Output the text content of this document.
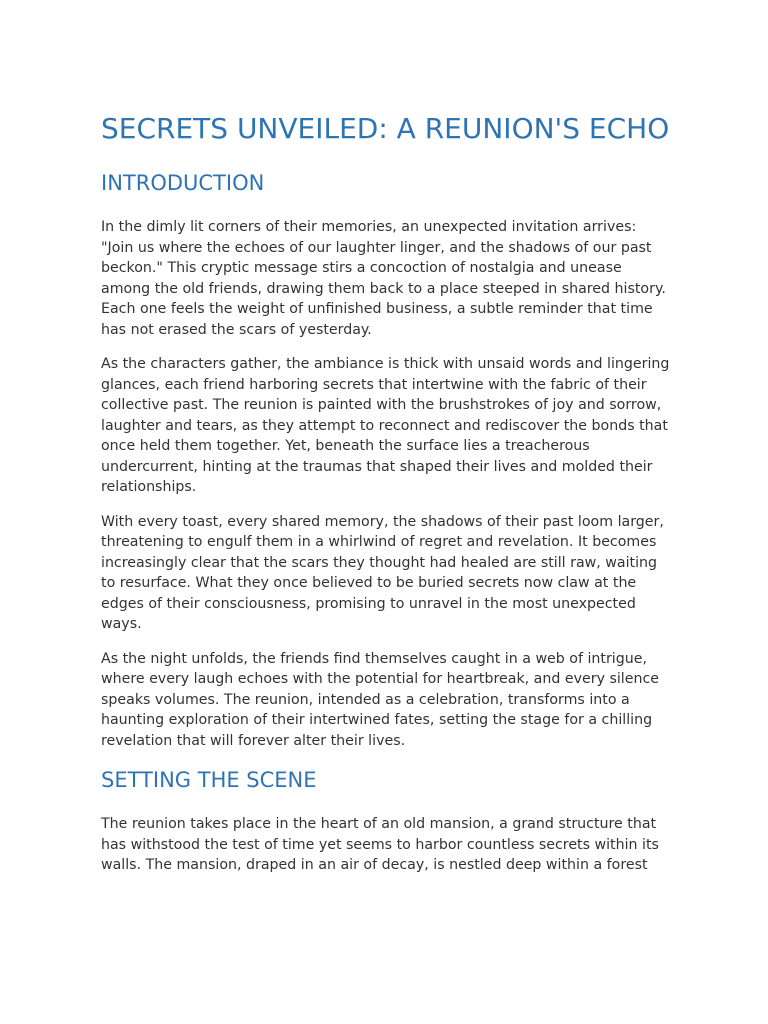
SECRETS UNVEILED: A REUNION'S ECHO
INTRODUCTION

In the dimly lit corners of their memories, an unexpected invitation arrives: "Join us where the echoes of our laughter linger, and the shadows of our past beckon." This cryptic message stirs a concoction of nostalgia and unease among the old friends, drawing them back to a place steeped in shared history. Each one feels the weight of unfinished business, a subtle reminder that time has not erased the scars of yesterday.

As the characters gather, the ambiance is thick with unsaid words and lingering glances, each friend harboring secrets that intertwine with the fabric of their collective past. The reunion is painted with the brushstrokes of joy and sorrow, laughter and tears, as they attempt to reconnect and rediscover the bonds that once held them together. Yet, beneath the surface lies a treacherous undercurrent, hinting at the traumas that shaped their lives and molded their relationships.

With every toast, every shared memory, the shadows of their past loom larger, threatening to engulf them in a whirlwind of regret and revelation. It becomes increasingly clear that the scars they thought had healed are still raw, waiting to resurface. What they once believed to be buried secrets now claw at the edges of their consciousness, promising to unravel in the most unexpected ways.

As the night unfolds, the friends find themselves caught in a web of intrigue, where every laugh echoes with the potential for heartbreak, and every silence speaks volumes. The reunion, intended as a celebration, transforms into a haunting exploration of their intertwined fates, setting the stage for a chilling revelation that will forever alter their lives.

SETTING THE SCENE

The reunion takes place in the heart of an old mansion, a grand structure that has withstood the test of time yet seems to harbor countless secrets within its walls. The mansion, draped in an air of decay, is nestled deep within a forest
